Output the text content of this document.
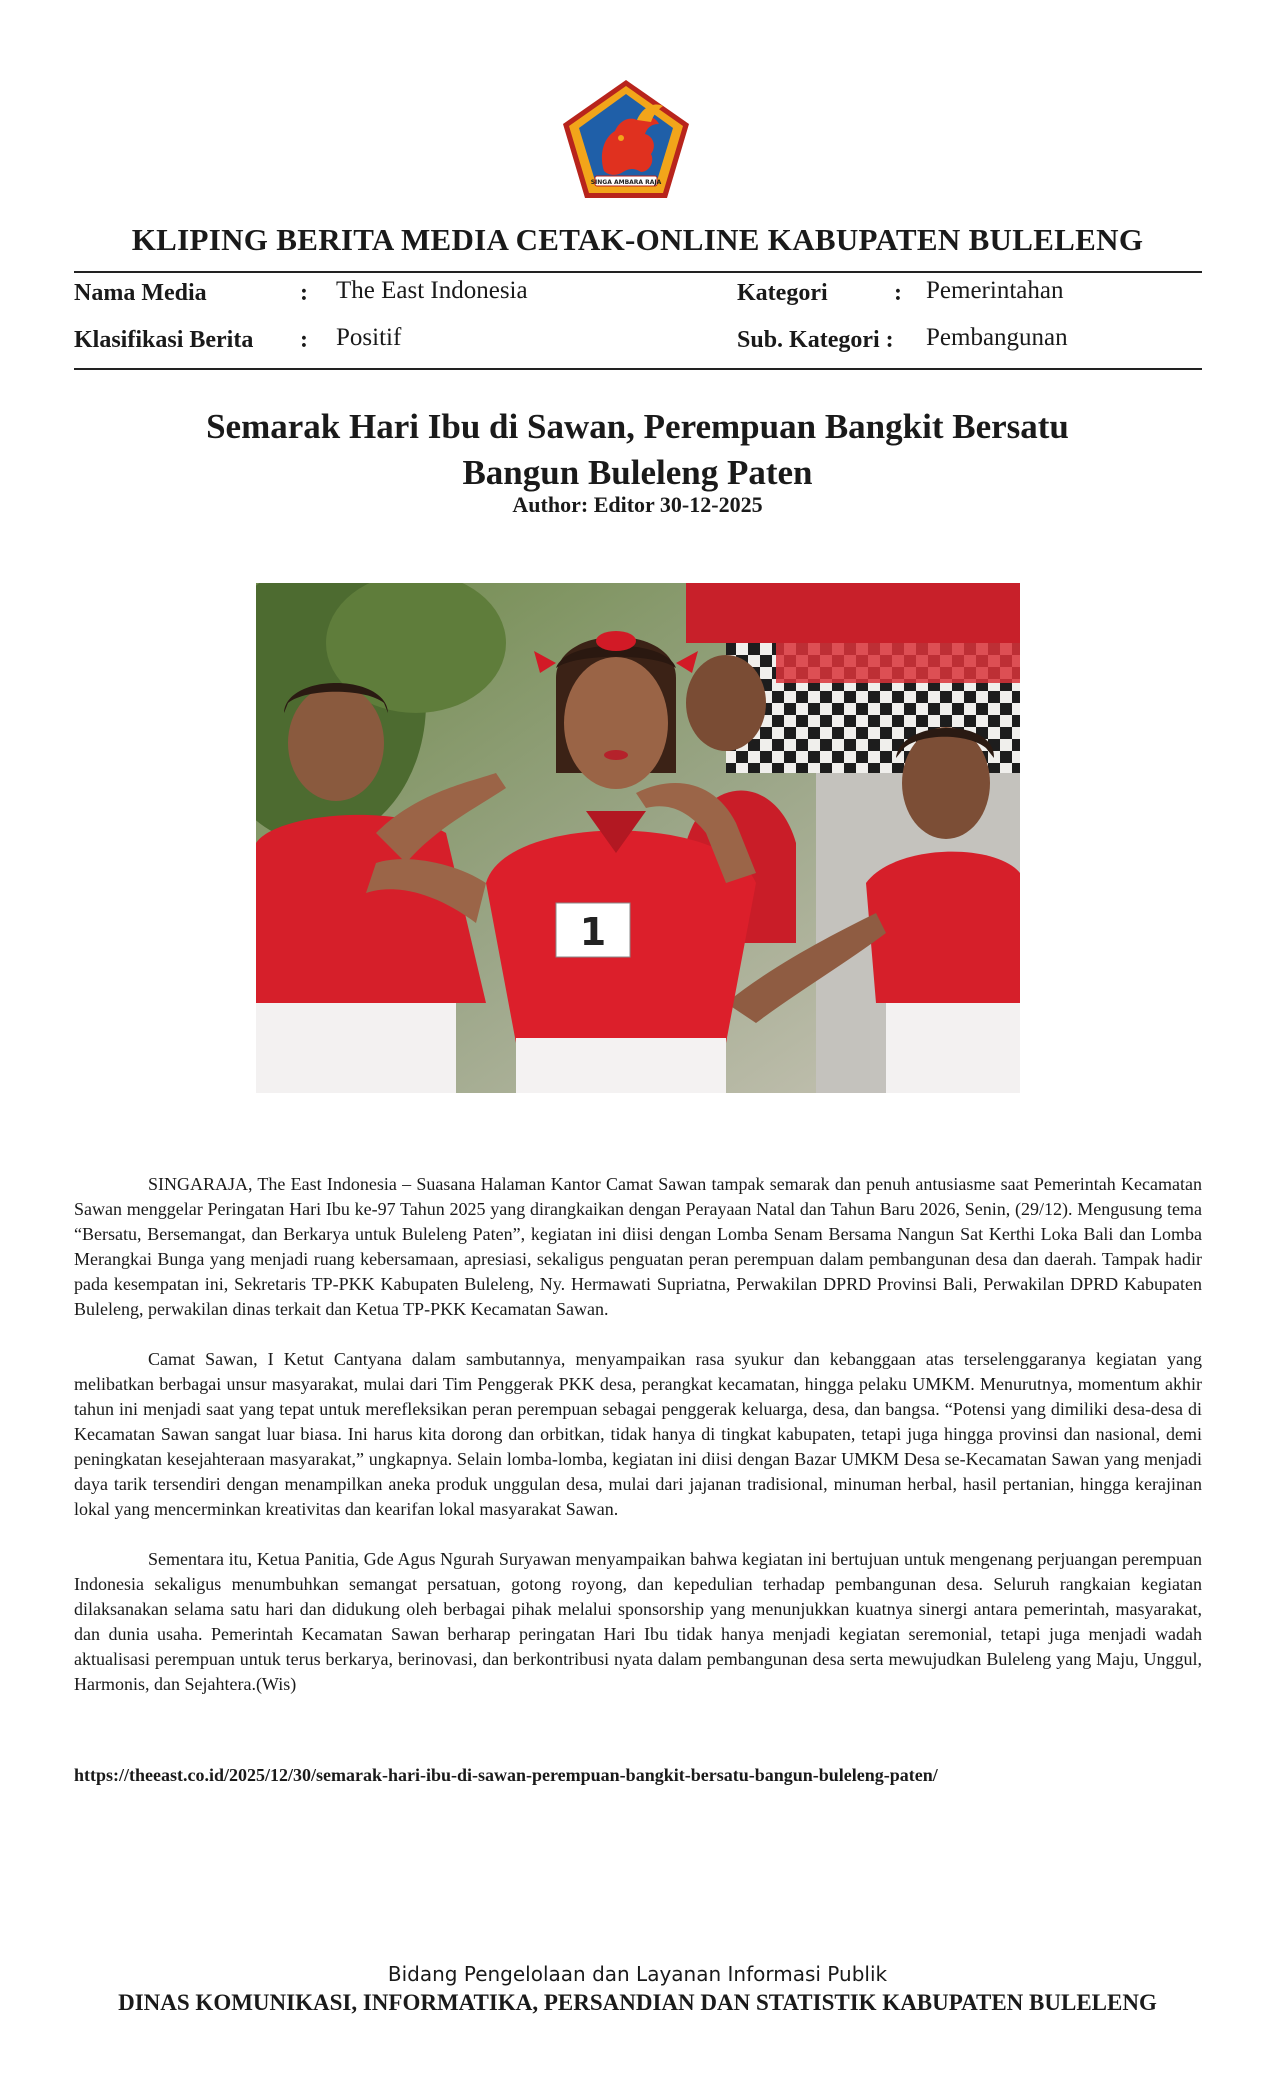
SINGA AMBARA RAJA
KLIPING BERITA MEDIA CETAK-ONLINE KABUPATEN BULELENG
Nama Media	: The East Indonesia	Kategori	: Pemerintahan
Klasifikasi Berita : Positif	Sub. Kategori : Pembangunan
Semarak Hari Ibu di Sawan, Perempuan Bangkit Bersatu
Bangun Buleleng Paten
Author: Editor 30-12-2025
1

SINGARAJA, The East Indonesia – Suasana Halaman Kantor Camat Sawan tampak semarak dan penuh antusiasme saat Pemerintah Kecamatan Sawan menggelar Peringatan Hari Ibu ke-97 Tahun 2025 yang dirangkaikan dengan Perayaan Natal dan Tahun Baru 2026, Senin, (29/12). Mengusung tema “Bersatu, Bersemangat, dan Berkarya untuk Buleleng Paten”, kegiatan ini diisi dengan Lomba Senam Bersama Nangun Sat Kerthi Loka Bali dan Lomba Merangkai Bunga yang menjadi ruang kebersamaan, apresiasi, sekaligus penguatan peran perempuan dalam pembangunan desa dan daerah. Tampak hadir pada kesempatan ini, Sekretaris TP-PKK Kabupaten Buleleng, Ny. Hermawati Supriatna, Perwakilan DPRD Provinsi Bali, Perwakilan DPRD Kabupaten Buleleng, perwakilan dinas terkait dan Ketua TP-PKK Kecamatan Sawan.

Camat Sawan, I Ketut Cantyana dalam sambutannya, menyampaikan rasa syukur dan kebanggaan atas terselenggaranya kegiatan yang melibatkan berbagai unsur masyarakat, mulai dari Tim Penggerak PKK desa, perangkat kecamatan, hingga pelaku UMKM. Menurutnya, momentum akhir tahun ini menjadi saat yang tepat untuk merefleksikan peran perempuan sebagai penggerak keluarga, desa, dan bangsa. “Potensi yang dimiliki desa-desa di Kecamatan Sawan sangat luar biasa. Ini harus kita dorong dan orbitkan, tidak hanya di tingkat kabupaten, tetapi juga hingga provinsi dan nasional, demi peningkatan kesejahteraan masyarakat,” ungkapnya. Selain lomba-lomba, kegiatan ini diisi dengan Bazar UMKM Desa se-Kecamatan Sawan yang menjadi daya tarik tersendiri dengan menampilkan aneka produk unggulan desa, mulai dari jajanan tradisional, minuman herbal, hasil pertanian, hingga kerajinan lokal yang mencerminkan kreativitas dan kearifan lokal masyarakat Sawan.

Sementara itu, Ketua Panitia, Gde Agus Ngurah Suryawan menyampaikan bahwa kegiatan ini bertujuan untuk mengenang perjuangan perempuan Indonesia sekaligus menumbuhkan semangat persatuan, gotong royong, dan kepedulian terhadap pembangunan desa. Seluruh rangkaian kegiatan dilaksanakan selama satu hari dan didukung oleh berbagai pihak melalui sponsorship yang menunjukkan kuatnya sinergi antara pemerintah, masyarakat, dan dunia usaha. Pemerintah Kecamatan Sawan berharap peringatan Hari Ibu tidak hanya menjadi kegiatan seremonial, tetapi juga menjadi wadah aktualisasi perempuan untuk terus berkarya, berinovasi, dan berkontribusi nyata dalam pembangunan desa serta mewujudkan Buleleng yang Maju, Unggul, Harmonis, dan Sejahtera.(Wis)

https://theeast.co.id/2025/12/30/semarak-hari-ibu-di-sawan-perempuan-bangkit-bersatu-bangun-buleleng-paten/
Bidang Pengelolaan dan Layanan Informasi Publik
DINAS KOMUNIKASI, INFORMATIKA, PERSANDIAN DAN STATISTIK KABUPATEN BULELENG
